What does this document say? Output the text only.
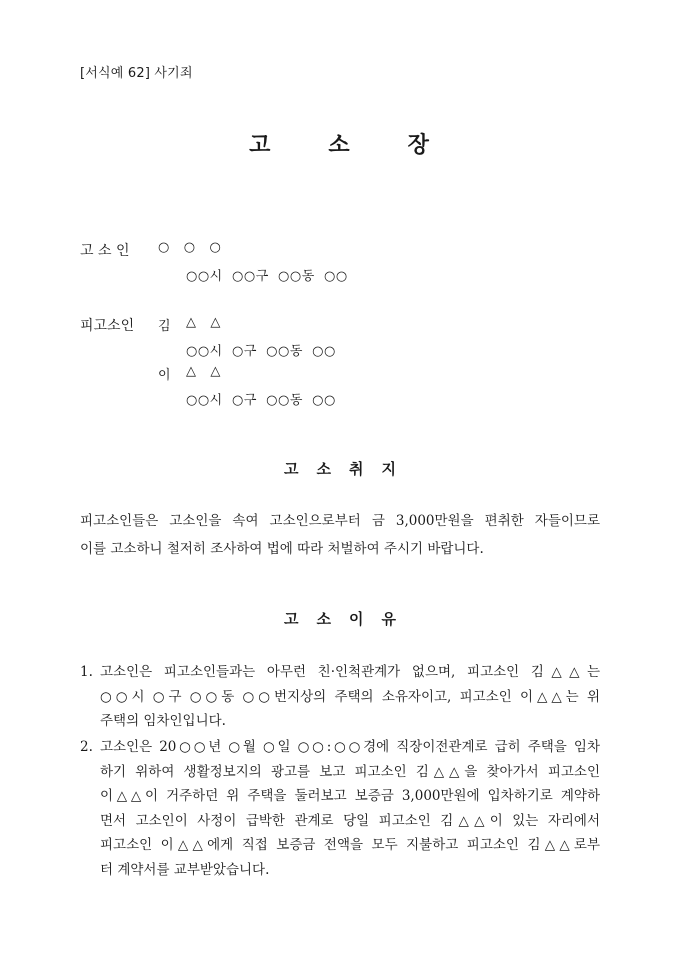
[서식예 62] 사기죄
고	소	장
고 소 인 ○   ○   ○
○○시  ○○구  ○○동  ○○
피고소인 김 △   △
○○시  ○구  ○○동  ○○
이 △   △
○○시  ○구  ○○동  ○○
고 소 취 지
피고소인들은 고소인을 속여 고소인으로부터 금 3,000만원을 편취한 자들이므로
이를 고소하니 철저히 조사하여 법에 따라 처벌하여 주시기 바랍니다.
고 소 이 유
1. 고소인은 피고소인들과는 아무런 친·인척관계가 없으며, 피고소인 김△△는
○○시 ○구 ○○동 ○○번지상의 주택의 소유자이고, 피고소인 이△△는 위
주택의 임차인입니다.
2. 고소인은 20○○년 ○월 ○일 ○○:○○경에 직장이전관계로 급히 주택을 임차
하기 위하여 생활정보지의 광고를 보고 피고소인 김△△을 찾아가서 피고소인
이△△이 거주하던 위 주택을 둘러보고 보증금 3,000만원에 입차하기로 계약하
면서 고소인이 사정이 급박한 관계로 당일 피고소인 김△△이 있는 자리에서
피고소인 이△△에게 직접 보증금 전액을 모두 지불하고 피고소인 김△△로부
터 계약서를 교부받았습니다.
